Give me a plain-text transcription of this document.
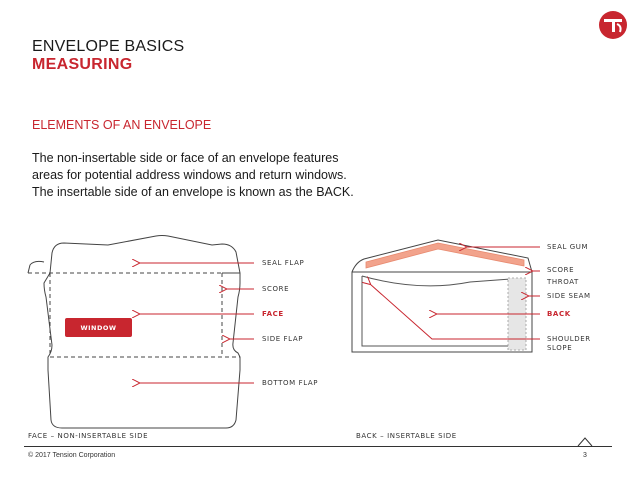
ENVELOPE BASICS
MEASURING
ELEMENTS OF AN ENVELOPE
The non-insertable side or face of an envelope features
areas for potential address windows and return windows.
The insertable side of an envelope is known as the BACK.
WINDOW
SEAL FLAP
SCORE
FACE
SIDE FLAP
BOTTOM FLAP
FACE – NON-INSERTABLE SIDE
SEAL GUM
SCORE
THROAT
SIDE SEAM
BACK
SHOULDER
SLOPE
BACK – INSERTABLE SIDE
© 2017 Tension Corporation	3
